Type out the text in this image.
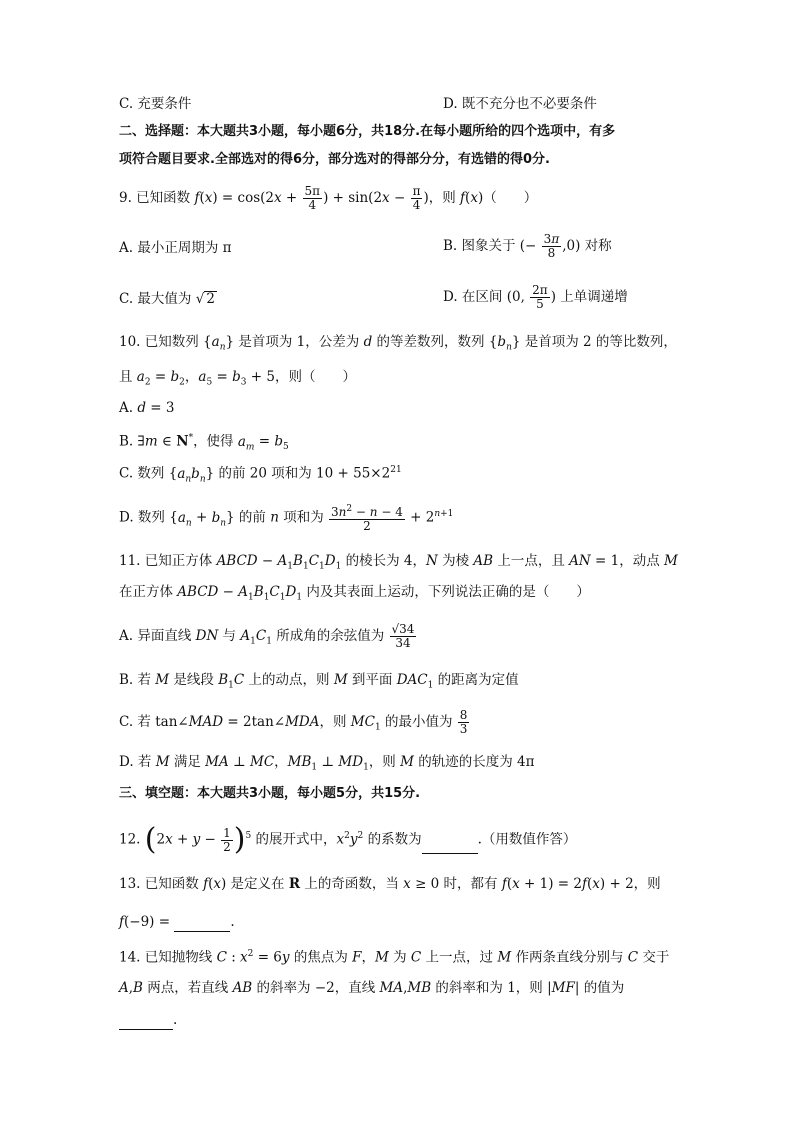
C. 充要条件	D. 既不充分也不必要条件
二、选择题：本大题共3小题，每小题6分，共18分.在每小题所给的四个选项中，有多
项符合题目要求.全部选对的得6分，部分选对的得部分分，有选错的得0分.
9. 已知函数 $f(x) = \cos(2x + \frac{5\pi}{4}$ ) + $\sin(2x - \frac{\pi}{4}$ )，则 f(x)（　　）
A. 最小正周期为 π	B. 图象关于 (− $\frac{3\pi}{8} ,0$) 对称
C. 最大值为 √ 2	D. 在区间 (0, $\frac{2\pi}{5}$ ) 上单调递增
10. 已知数列 $\{a_n\}$ 是首项为 1，公差为 d 的等差数列，数列 $\{b_n\}$ 是首项为 2 的等比数列，
且 $a_2 = b_2$，$a_5 = b_3 + 5$，则（　　）
A. d = 3
B. ∃m ∈ N*，使得 $a_m = b_5$
C. 数列 $\{a_nb_n\}$ 的前 20 项和为 $10 + 55\times 2^{21}$
D. 数列 $\{a_n + b_n\}$ 的前 n 项和为 $\frac{3n^2 - n - 4}{2} + 2^{n+1}$
11. 已知正方体 ABCD − $A_1B_1C_1D_1$ 的棱长为 4，N 为棱 AB 上一点，且 AN = 1，动点 M
在正方体 ABCD − $A_1B_1C_1D_1$ 内及其表面上运动，下列说法正确的是（　　）
A. 异面直线 DN 与 $A_1C_1$ 所成角的余弦值为 $\frac{√34}{34}$
B. 若 M 是线段 $B_1C$ 上的动点，则 M 到平面 $DAC_1$ 的距离为定值
C. 若 tan∠MAD = 2tan∠MDA，则 $MC_1$ 的最小值为 $\frac{8}{3}$
D. 若 M 满足 MA ⊥ MC，$MB_1$ ⊥ $MD_1$，则 M 的轨迹的长度为 4π
三、填空题：本大题共3小题，每小题5分，共15分.
12. $(2x + y - \frac{1}{2} )^5$ 的展开式中，$x^2y^2$ 的系数为	.（用数值作答）
13. 已知函数 f(x) 是定义在 R 上的奇函数，当 x ≥ 0 时，都有 f(x + 1) = 2f(x) + 2，则
f(−9) =	.
14. 已知抛物线 C : $x^2 = 6y$ 的焦点为 F，M 为 C 上一点，过 M 作两条直线分别与 C 交于
A,B 两点，若直线 AB 的斜率为 −2，直线 MA,MB 的斜率和为 1，则 |MF| 的值为
.
